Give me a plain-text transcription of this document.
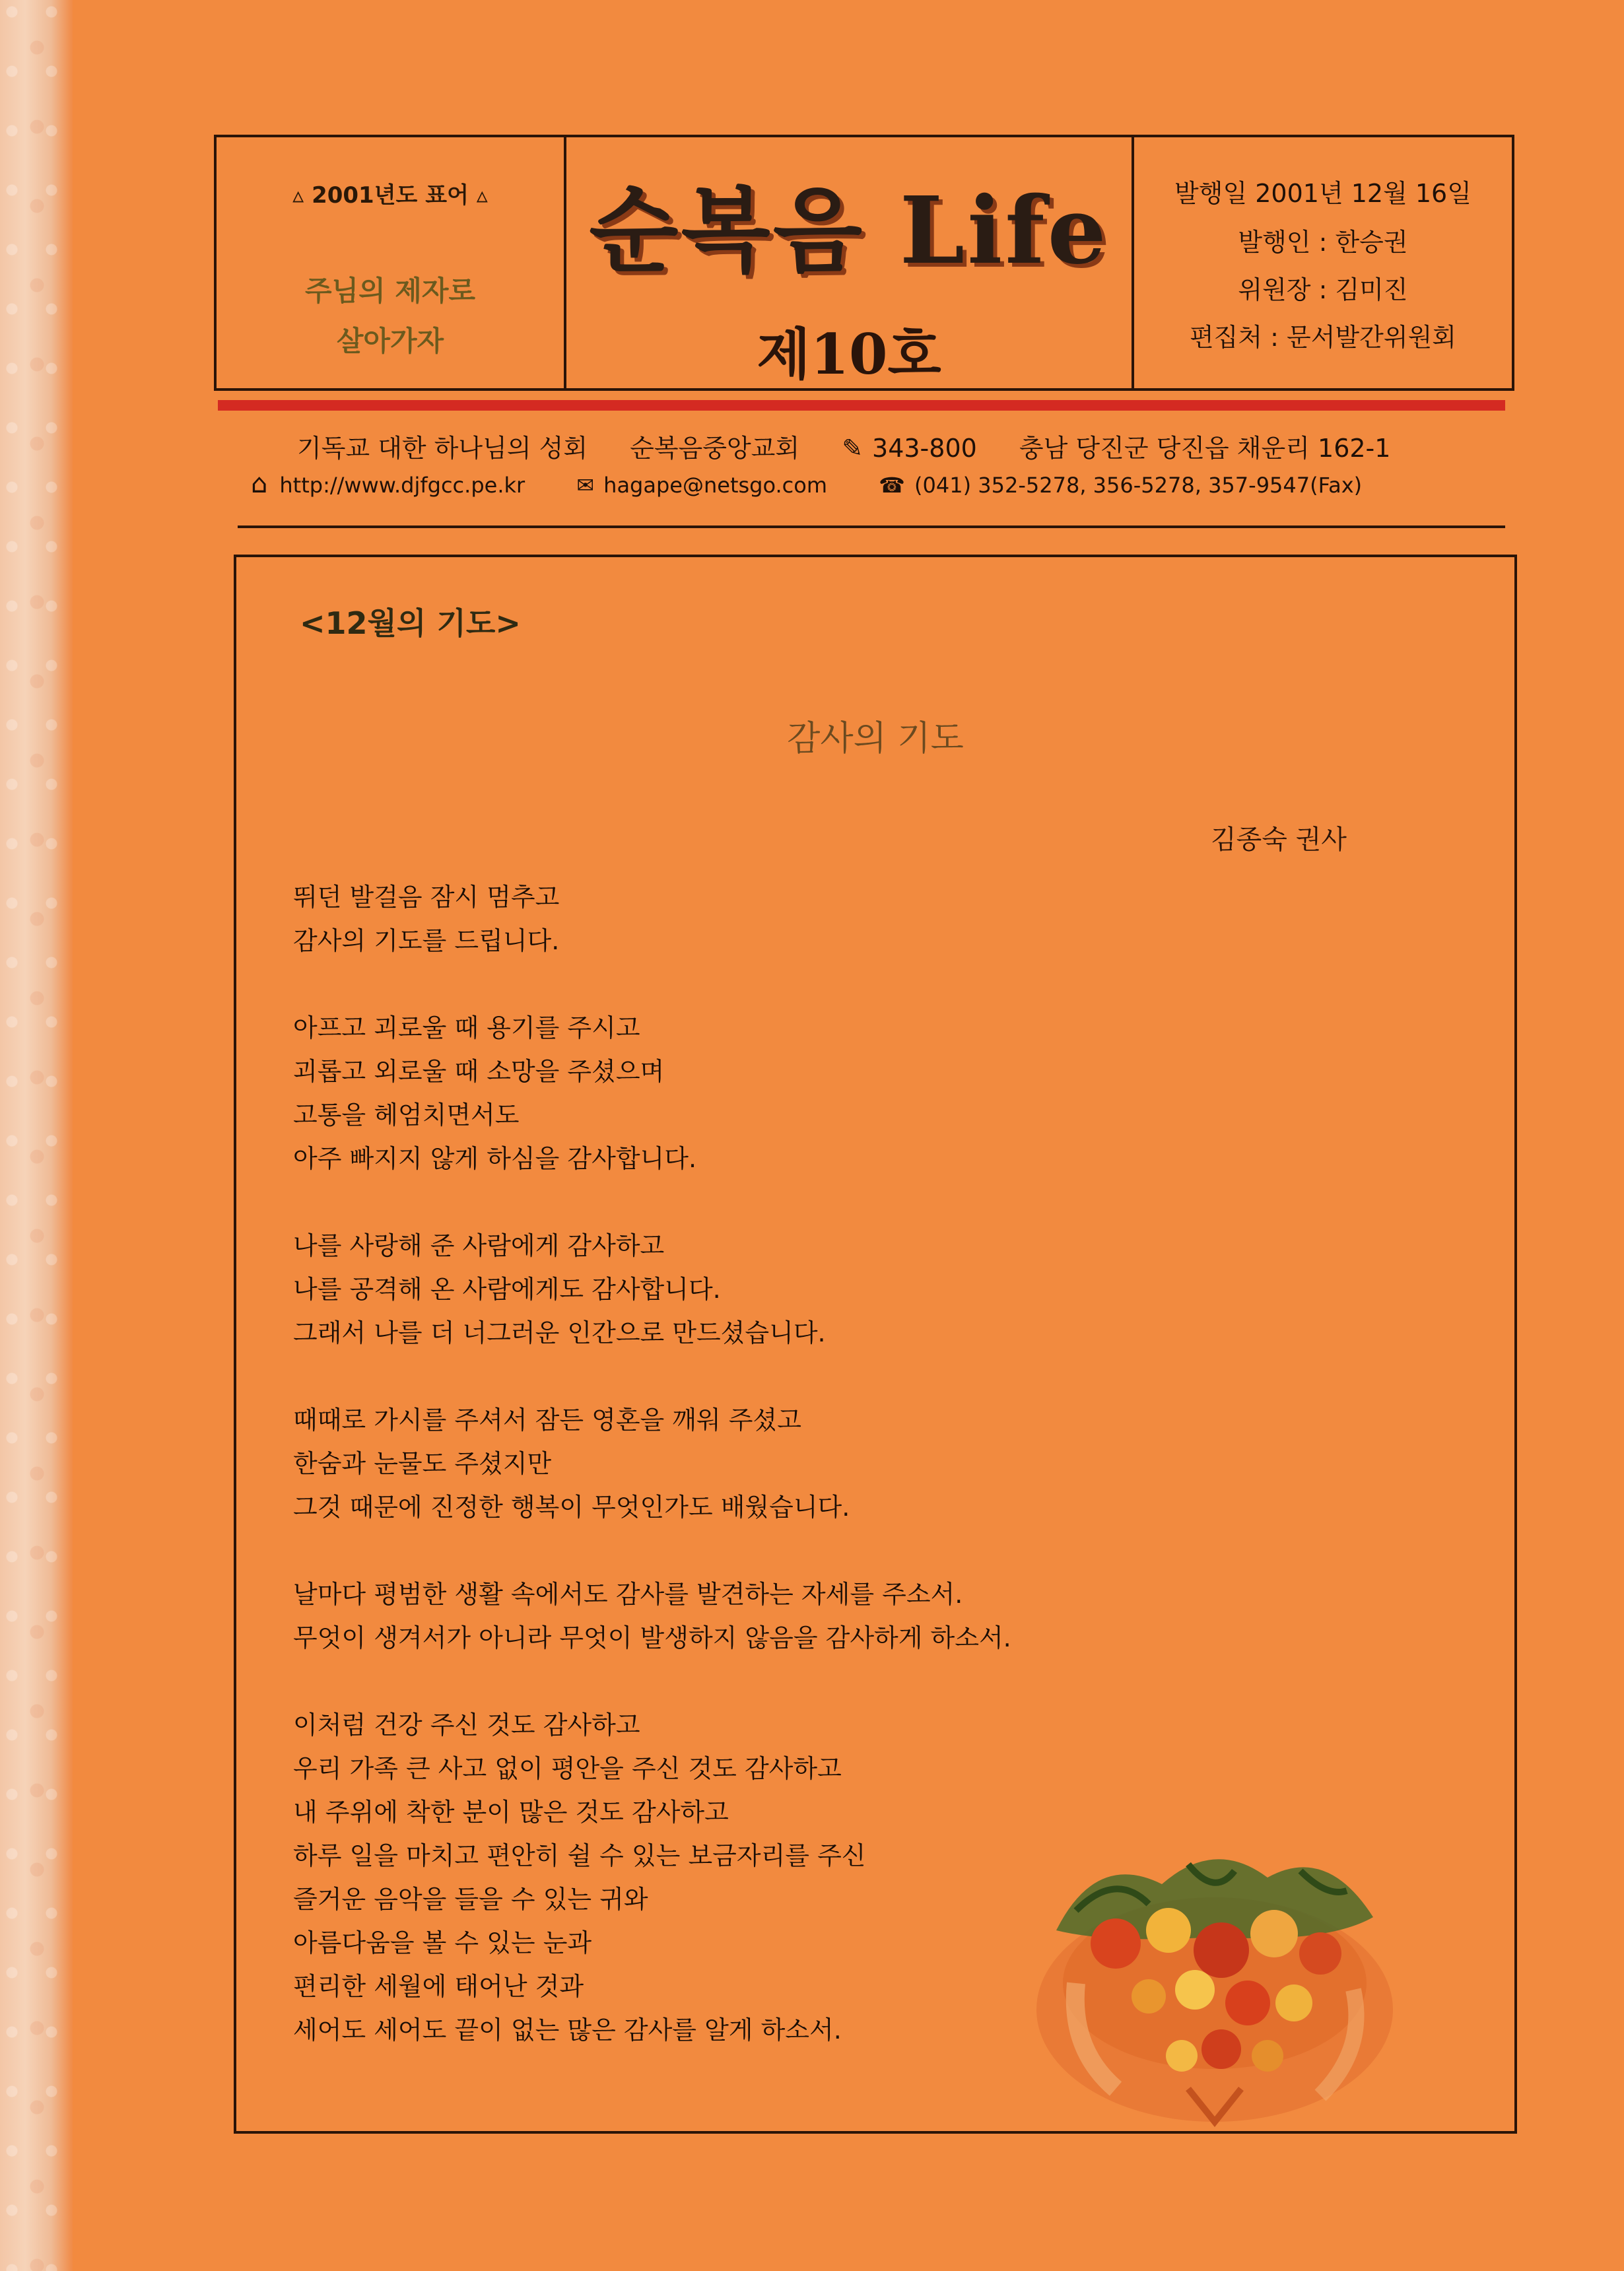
▵ 2001년도 표어 ▵
주님의 제자로
살아가자
순복음 Life
제10호
발행일 2001년 12월 16일
발행인 : 한승권
위원장 : 김미진
편집처 : 문서발간위원회
기독교 대한 하나님의 성회 순복음중앙교회 ✎ 343-800 충남 당진군 당진읍 채운리 162-1
⌂ http://www.djfgcc.pe.kr ✉ hagape@netsgo.com ☎ (041) 352-5278, 356-5278, 357-9547(Fax)
<12월의 기도>
감사의 기도
김종숙 권사
뛰던 발걸음 잠시 멈추고
감사의 기도를 드립니다.
아프고 괴로울 때 용기를 주시고
괴롭고 외로울 때 소망을 주셨으며
고통을 헤엄치면서도
아주 빠지지 않게 하심을 감사합니다.
나를 사랑해 준 사람에게 감사하고
나를 공격해 온 사람에게도 감사합니다.
그래서 나를 더 너그러운 인간으로 만드셨습니다.
때때로 가시를 주셔서 잠든 영혼을 깨워 주셨고
한숨과 눈물도 주셨지만
그것 때문에 진정한 행복이 무엇인가도 배웠습니다.
날마다 평범한 생활 속에서도 감사를 발견하는 자세를 주소서.
무엇이 생겨서가 아니라 무엇이 발생하지 않음을 감사하게 하소서.
이처럼 건강 주신 것도 감사하고
우리 가족 큰 사고 없이 평안을 주신 것도 감사하고
내 주위에 착한 분이 많은 것도 감사하고
하루 일을 마치고 편안히 쉴 수 있는 보금자리를 주신
즐거운 음악을 들을 수 있는 귀와
아름다움을 볼 수 있는 눈과
편리한 세월에 태어난 것과
세어도 세어도 끝이 없는 많은 감사를 알게 하소서.
